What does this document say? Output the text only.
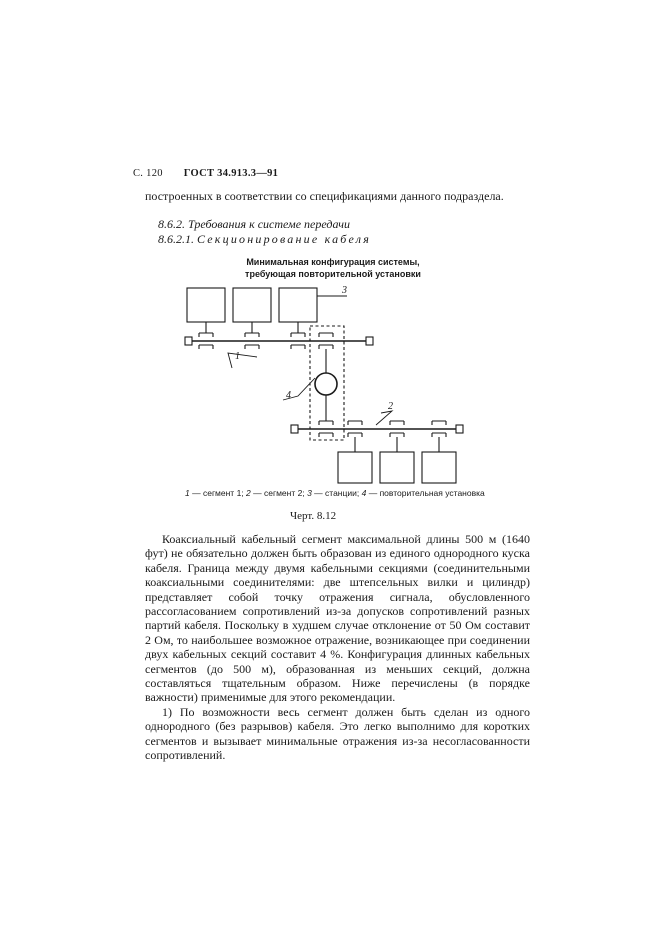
С. 120 ГОСТ 34.913.3—91
построенных в соответствии со спецификациями данного подраздела.
8.6.2. Требования к системе передачи
8.6.2.1. Секционирование кабеля
Минимальная конфигурация системы,
требующая повторительной установки
1
3
4
2
1 — сегмент 1; 2 — сегмент 2; 3 — станции; 4 — повторительная установка
Черт. 8.12

Коаксиальный кабельный сегмент максимальной длины 500 м (1640 фут) не обязательно должен быть образован из единого однородного куска кабеля. Граница между двумя кабельными секциями (соединительными коаксиальными соединителями: две штепсельных вилки и цилиндр) представляет собой точку отражения сигнала, обусловленного рассогласованием сопротивлений из-за допусков сопротивлений разных партий кабеля. Поскольку в худшем случае отклонение от 50 Ом составит 2 Ом, то наибольшее возможное отражение, возникающее при соединении двух кабельных секций составит 4 %. Конфигурация длинных кабельных сегментов (до 500 м), образованная из меньших секций, должна составляться тщательным образом. Ниже перечислены (в порядке важности) применимые для этого рекомендации.

1) По возможности весь сегмент должен быть сделан из одного однородного (без разрывов) кабеля. Это легко выполнимо для коротких сегментов и вызывает минимальные отражения из-за несогласованности сопротивлений.
